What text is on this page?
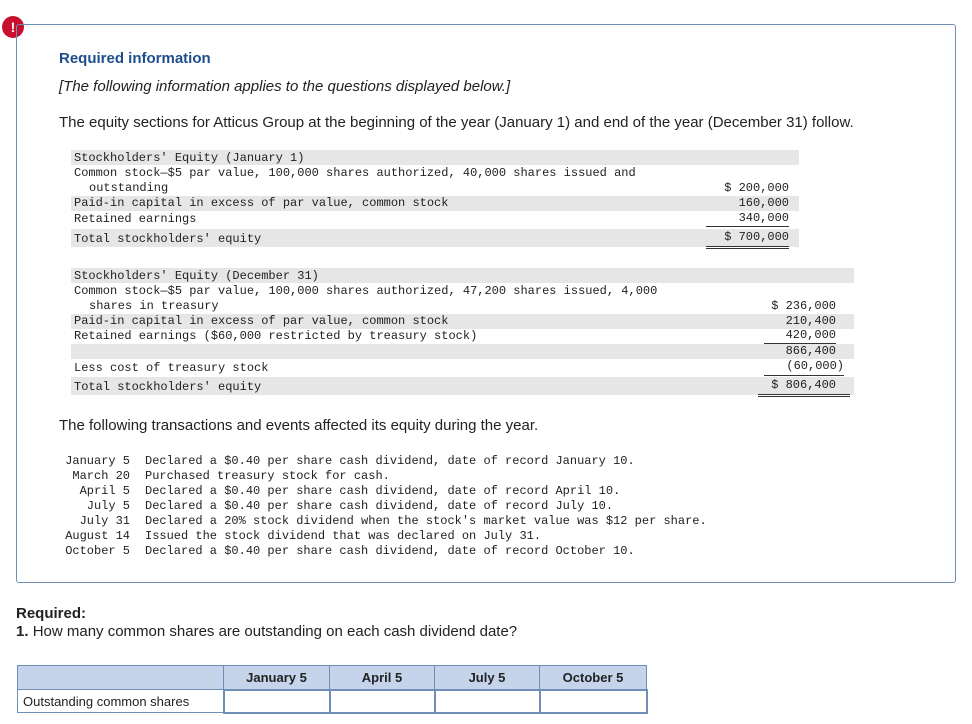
!
Required information
[The following information applies to the questions displayed below.]
The equity sections for Atticus Group at the beginning of the year (January 1) and end of the year (December 31) follow.
Stockholders' Equity (January 1)
Common stock—$5 par value, 100,000 shares authorized, 40,000 shares issued and
outstanding	$ 200,000
Paid-in capital in excess of par value, common stock	160,000
Retained earnings	340,000
Total stockholders' equity	$ 700,000
Stockholders' Equity (December 31)
Common stock—$5 par value, 100,000 shares authorized, 47,200 shares issued, 4,000
shares in treasury	$ 236,000
Paid-in capital in excess of par value, common stock	210,400
Retained earnings ($60,000 restricted by treasury stock)	420,000
866,400
Less cost of treasury stock	(60,000)
Total stockholders' equity	$ 806,400
The following transactions and events affected its equity during the year.
January 5 Declared a $0.40 per share cash dividend, date of record January 10.
March 20 Purchased treasury stock for cash.
April 5 Declared a $0.40 per share cash dividend, date of record April 10.
July 5 Declared a $0.40 per share cash dividend, date of record July 10.
July 31 Declared a 20% stock dividend when the stock's market value was $12 per share.
August 14 Issued the stock dividend that was declared on July 31.
October 5 Declared a $0.40 per share cash dividend, date of record October 10.
Required:
1. How many common shares are outstanding on each cash dividend date?
	January 5	April 5	July 5	October 5
Outstanding common shares				
